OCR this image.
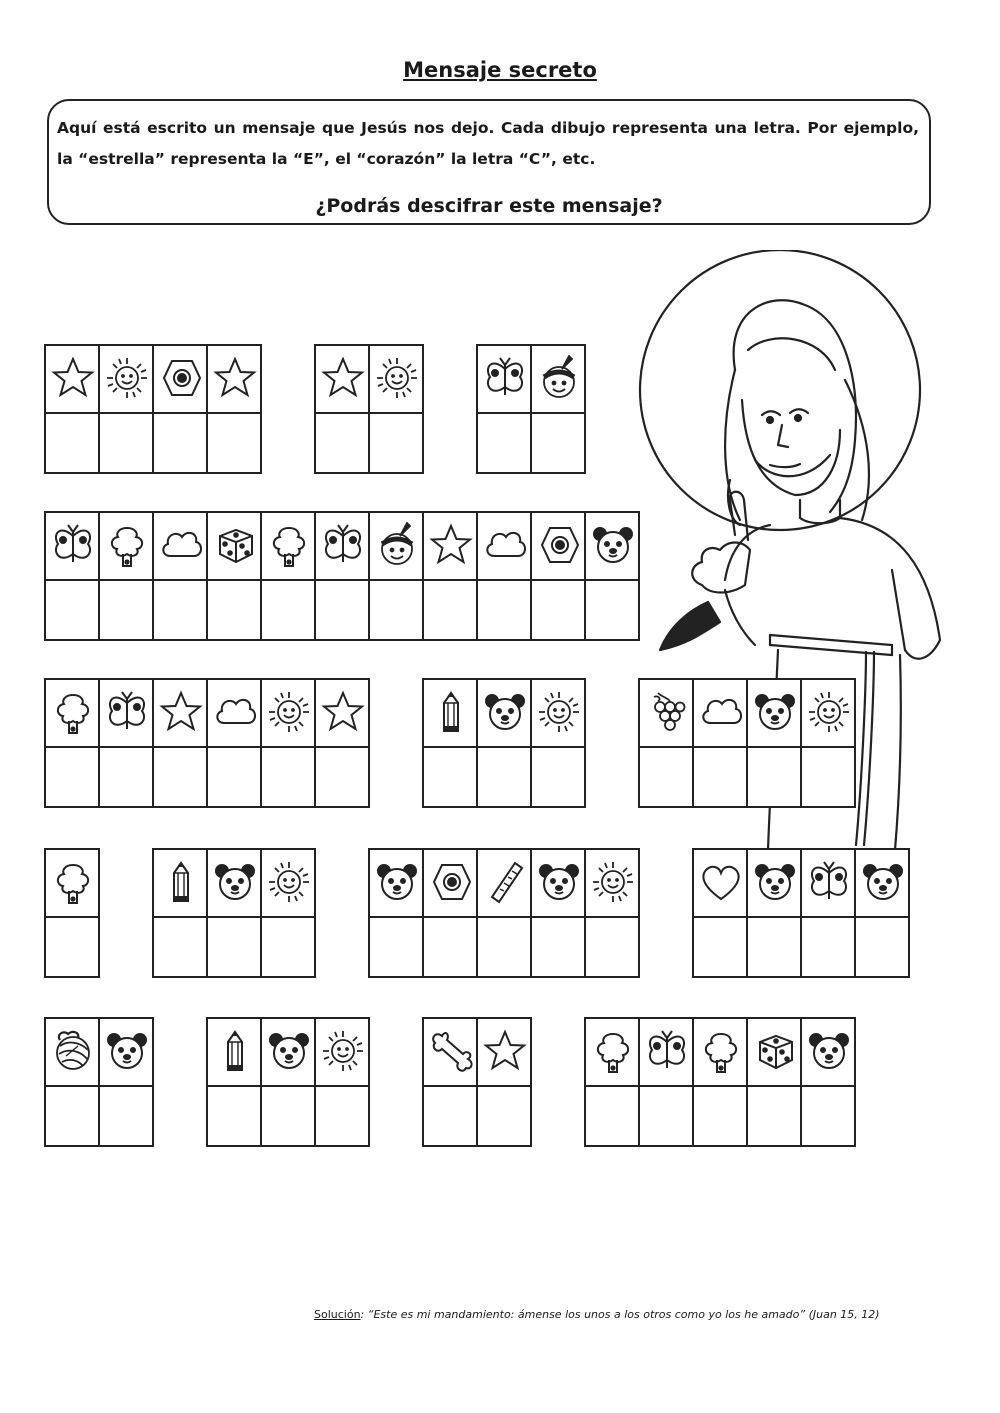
Mensaje secreto
Aquí está escrito un mensaje que Jesús nos dejo. Cada dibujo representa una letra. Por ejemplo, la “estrella” representa la “E”, el “corazón” la letra “C”, etc.
¿Podrás descifrar este mensaje?
Solución: “Este es mi mandamiento: ámense los unos a los otros como yo los he amado” (Juan 15, 12)
